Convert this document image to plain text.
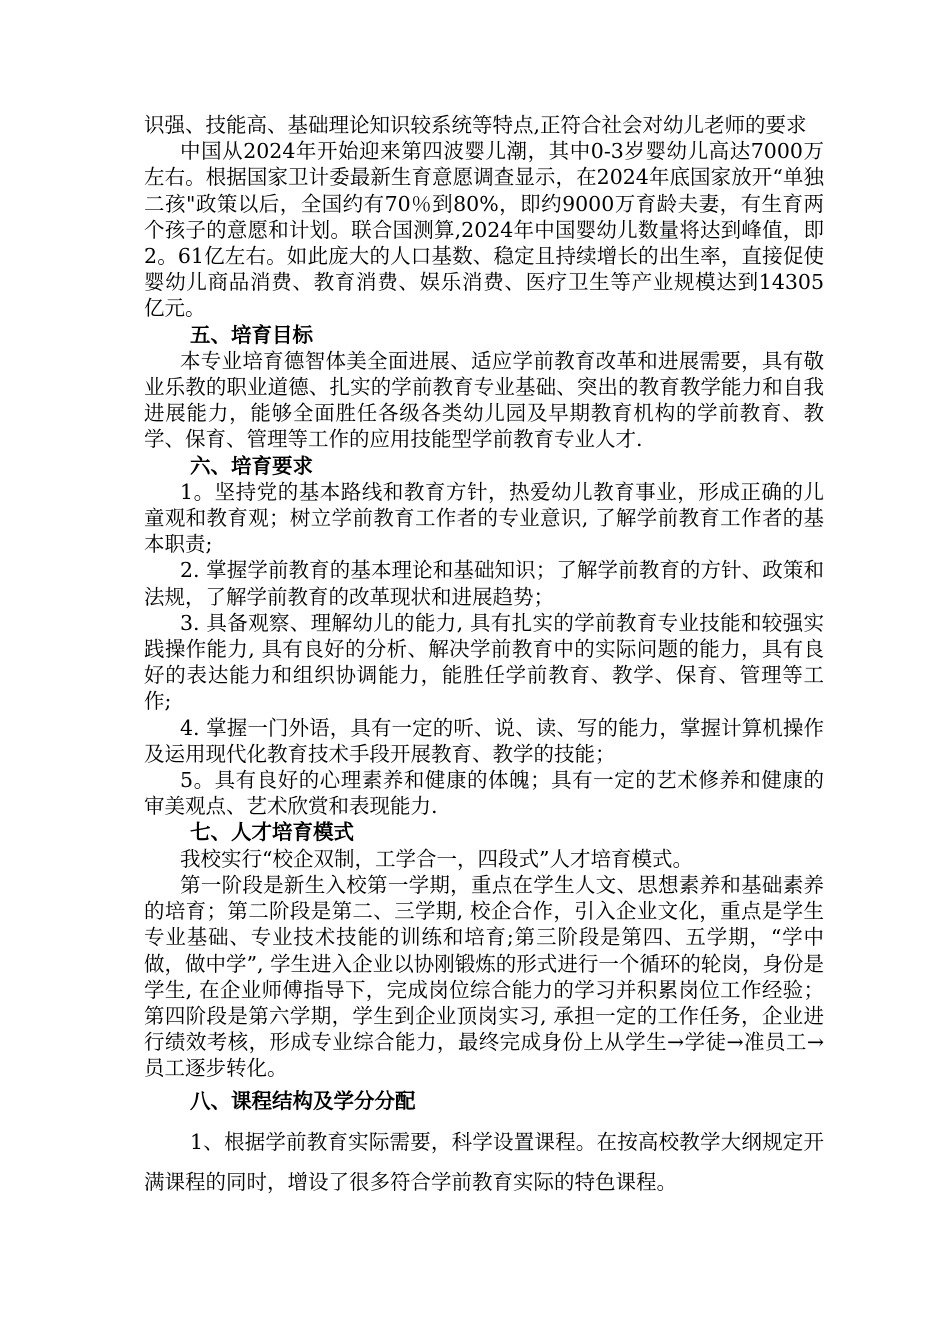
识强、技能高、基础理论知识较系统等特点,正符合社会对幼儿老师的要求

中国从2024年开始迎来第四波婴儿潮，其中0-3岁婴幼儿高达7000万左右。根据国家卫计委最新生育意愿调查显示，在2024年底国家放开“单独二孩"政策以后，全国约有70％到80%，即约9000万育龄夫妻，有生育两个孩子的意愿和计划。联合国测算,2024年中国婴幼儿数量将达到峰值，即2。61亿左右。如此庞大的人口基数、稳定且持续增长的出生率，直接促使婴幼儿商品消费、教育消费、娱乐消费、医疗卫生等产业规模达到14305亿元。

五、培育目标

本专业培育德智体美全面进展、适应学前教育改革和进展需要，具有敬业乐教的职业道德、扎实的学前教育专业基础、突出的教育教学能力和自我进展能力，能够全面胜任各级各类幼儿园及早期教育机构的学前教育、教学、保育、管理等工作的应用技能型学前教育专业人才.

六、培育要求

1。坚持党的基本路线和教育方针，热爱幼儿教育事业，形成正确的儿童观和教育观；树立学前教育工作者的专业意识, 了解学前教育工作者的基本职责;

2. 掌握学前教育的基本理论和基础知识；了解学前教育的方针、政策和法规，了解学前教育的改革现状和进展趋势；

3. 具备观察、理解幼儿的能力, 具有扎实的学前教育专业技能和较强实践操作能力, 具有良好的分析、解决学前教育中的实际问题的能力，具有良好的表达能力和组织协调能力，能胜任学前教育、教学、保育、管理等工作;

4. 掌握一门外语，具有一定的听、说、读、写的能力，掌握计算机操作及运用现代化教育技术手段开展教育、教学的技能；

5。具有良好的心理素养和健康的体魄；具有一定的艺术修养和健康的审美观点、艺术欣赏和表现能力.

七、人才培育模式

我校实行“校企双制，工学合一，四段式”人才培育模式。

第一阶段是新生入校第一学期，重点在学生人文、思想素养和基础素养的培育；第二阶段是第二、三学期, 校企合作，引入企业文化，重点是学生专业基础、专业技术技能的训练和培育;第三阶段是第四、五学期，“学中做，做中学”, 学生进入企业以协刚锻炼的形式进行一个循环的轮岗，身份是学生, 在企业师傅指导下，完成岗位综合能力的学习并积累岗位工作经验；第四阶段是第六学期，学生到企业顶岗实习, 承担一定的工作任务，企业进行绩效考核，形成专业综合能力，最终完成身份上从学生→学徒→准员工→员工逐步转化。

八、课程结构及学分分配

1、根据学前教育实际需要，科学设置课程。在按高校教学大纲规定开满课程的同时，增设了很多符合学前教育实际的特色课程。
